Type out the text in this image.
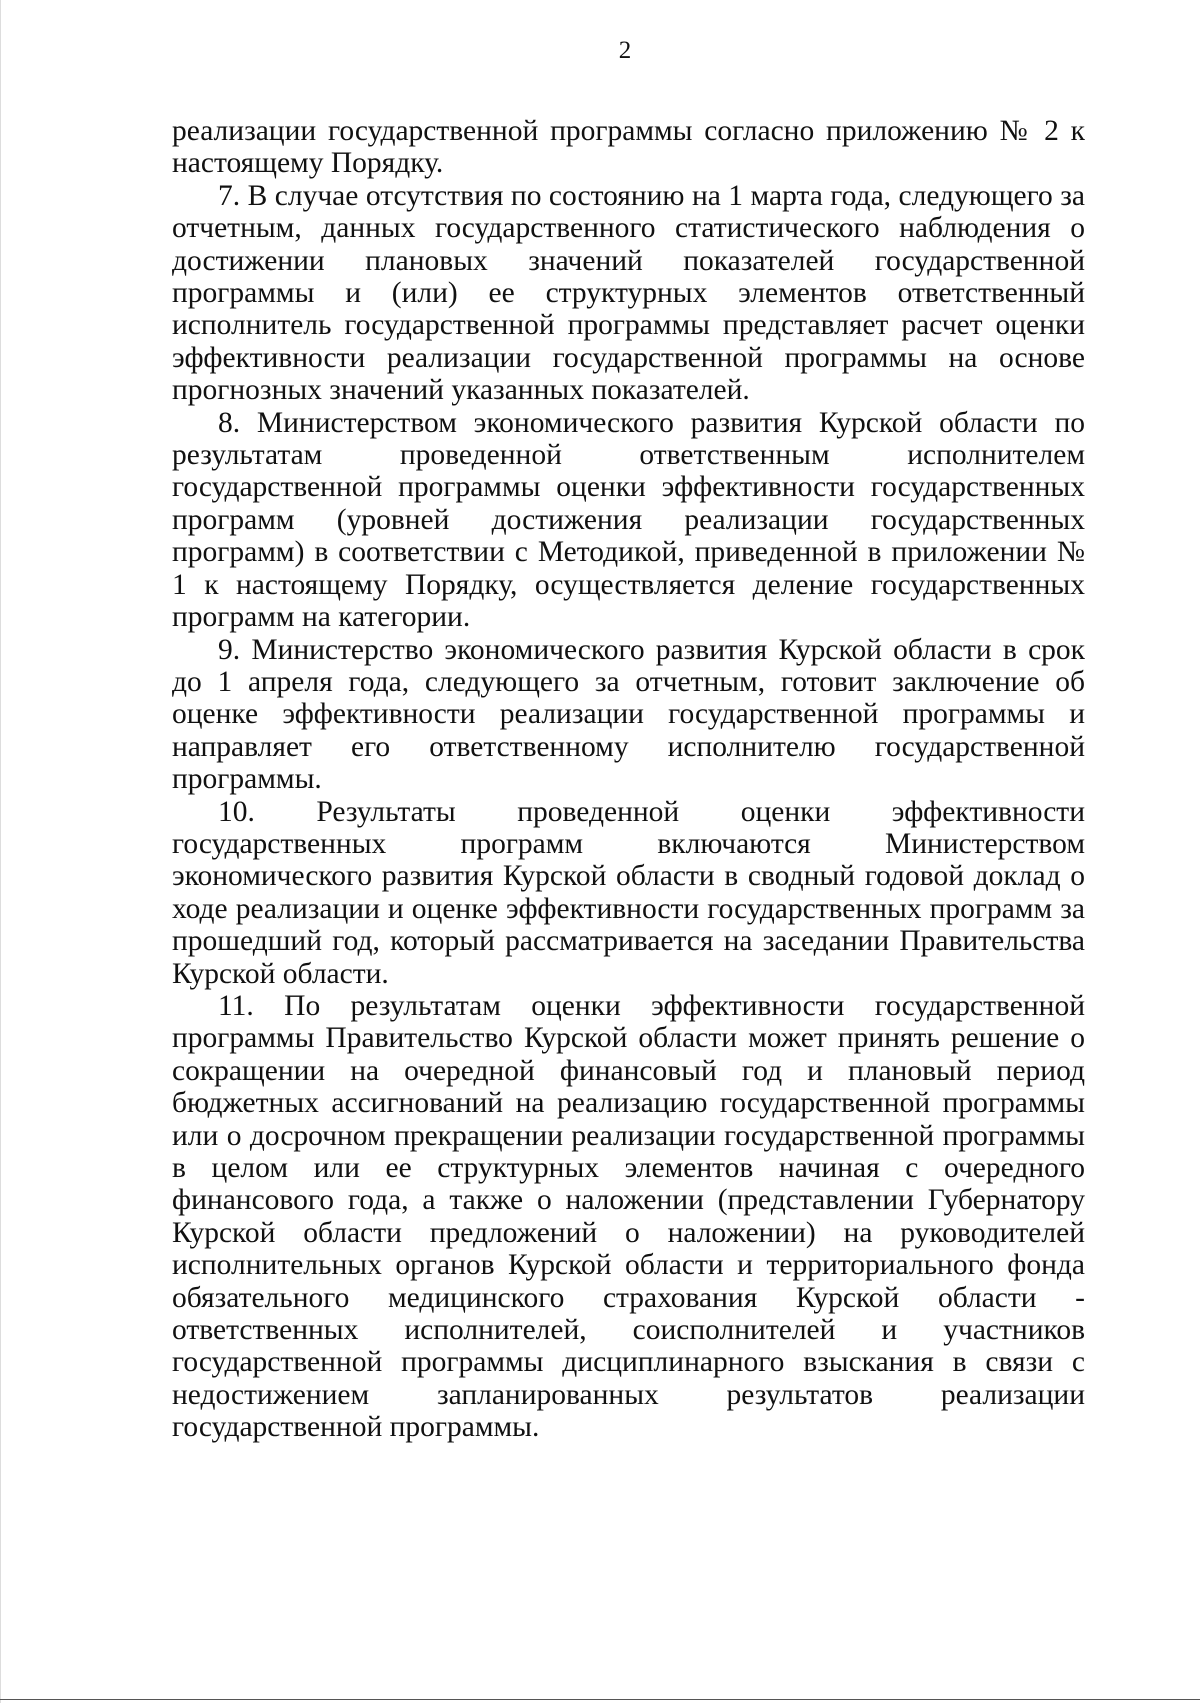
2

реализации государственной программы согласно приложению № 2 к настоящему Порядку.

7. В случае отсутствия по состоянию на 1 марта года, следующего за отчетным, данных государственного статистического наблюдения о достижении плановых значений показателей государственной программы и (или) ее структурных элементов ответственный исполнитель государственной программы представляет расчет оценки эффективности реализации государственной программы на основе прогнозных значений указанных показателей.

8. Министерством экономического развития Курской области по результатам проведенной ответственным исполнителем государственной программы оценки эффективности государственных программ (уровней достижения реализации государственных программ) в соответствии с Методикой, приведенной в приложении № 1 к настоящему Порядку, осуществляется деление государственных программ на категории.

9. Министерство экономического развития Курской области в срок до 1 апреля года, следующего за отчетным, готовит заключение об оценке эффективности реализации государственной программы и направляет его ответственному исполнителю государственной программы.

10. Результаты проведенной оценки эффективности государственных программ включаются Министерством экономического развития Курской области в сводный годовой доклад о ходе реализации и оценке эффективности государственных программ за прошедший год, который рассматривается на заседании Правительства Курской области.

11. По результатам оценки эффективности государственной программы Правительство Курской области может принять решение о сокращении на очередной финансовый год и плановый период бюджетных ассигнований на реализацию государственной программы или о досрочном прекращении реализации государственной программы в целом или ее структурных элементов начиная с очередного финансового года, а также о наложении (представлении Губернатору Курской области предложений о наложении) на руководителей исполнительных органов Курской области и территориального фонда обязательного медицинского страхования Курской области - ответственных исполнителей, соисполнителей и участников государственной программы дисциплинарного взыскания в связи с недостижением запланированных результатов реализации государственной программы.
